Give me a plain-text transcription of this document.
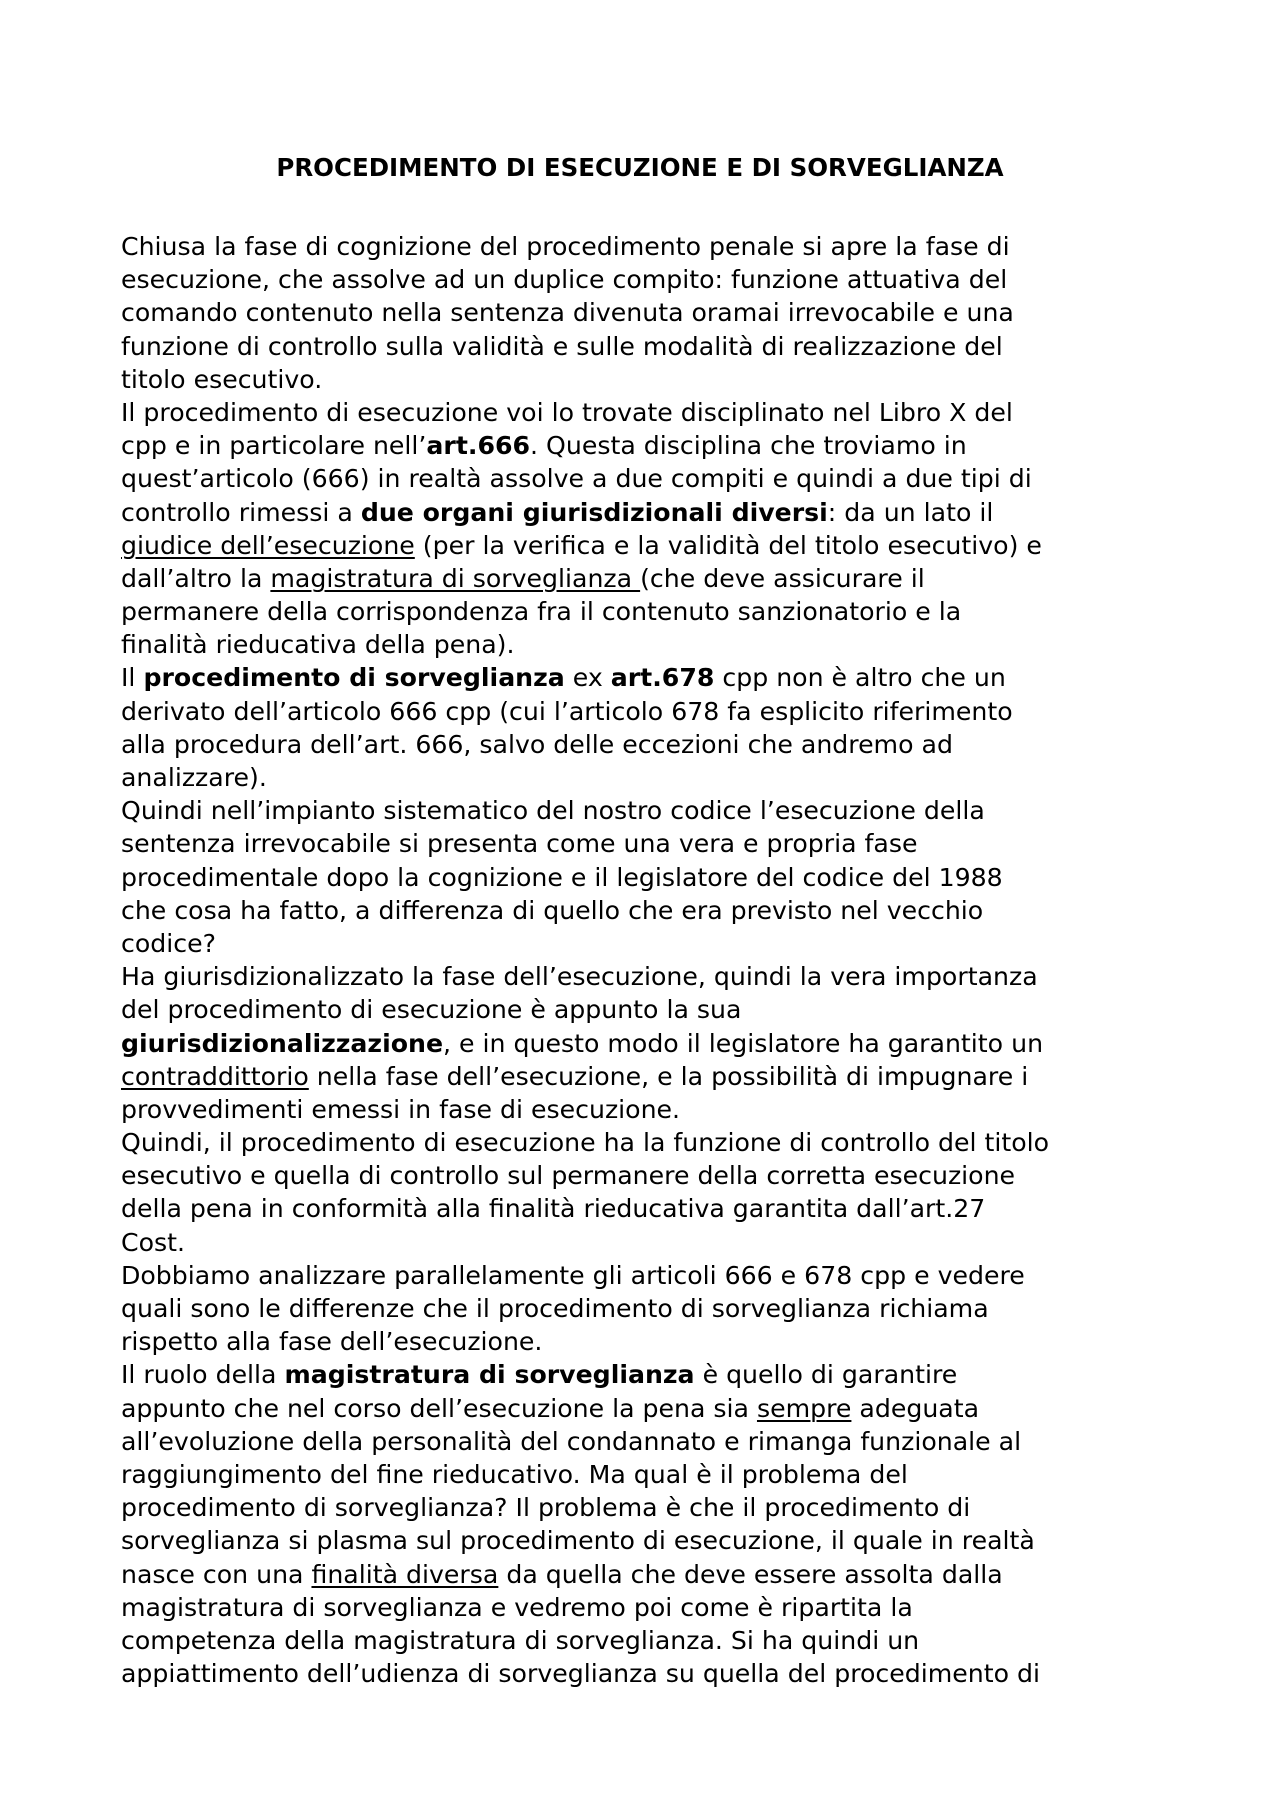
PROCEDIMENTO DI ESECUZIONE E DI SORVEGLIANZA
Chiusa la fase di cognizione del procedimento penale si apre la fase di
esecuzione, che assolve ad un duplice compito: funzione attuativa del
comando contenuto nella sentenza divenuta oramai irrevocabile e una
funzione di controllo sulla validità e sulle modalità di realizzazione del
titolo esecutivo.
Il procedimento di esecuzione voi lo trovate disciplinato nel Libro X del
cpp e in particolare nell’art.666. Questa disciplina che troviamo in
quest’articolo (666) in realtà assolve a due compiti e quindi a due tipi di
controllo rimessi a due organi giurisdizionali diversi: da un lato il
giudice dell’esecuzione (per la verifica e la validità del titolo esecutivo) e
dall’altro la magistratura di sorveglianza (che deve assicurare il
permanere della corrispondenza fra il contenuto sanzionatorio e la
finalità rieducativa della pena).
Il procedimento di sorveglianza ex art.678 cpp non è altro che un
derivato dell’articolo 666 cpp (cui l’articolo 678 fa esplicito riferimento
alla procedura dell’art. 666, salvo delle eccezioni che andremo ad
analizzare).
Quindi nell’impianto sistematico del nostro codice l’esecuzione della
sentenza irrevocabile si presenta come una vera e propria fase
procedimentale dopo la cognizione e il legislatore del codice del 1988
che cosa ha fatto, a differenza di quello che era previsto nel vecchio
codice?
Ha giurisdizionalizzato la fase dell’esecuzione, quindi la vera importanza
del procedimento di esecuzione è appunto la sua
giurisdizionalizzazione, e in questo modo il legislatore ha garantito un
contraddittorio nella fase dell’esecuzione, e la possibilità di impugnare i
provvedimenti emessi in fase di esecuzione.
Quindi, il procedimento di esecuzione ha la funzione di controllo del titolo
esecutivo e quella di controllo sul permanere della corretta esecuzione
della pena in conformità alla finalità rieducativa garantita dall’art.27
Cost.
Dobbiamo analizzare parallelamente gli articoli 666 e 678 cpp e vedere
quali sono le differenze che il procedimento di sorveglianza richiama
rispetto alla fase dell’esecuzione.
Il ruolo della magistratura di sorveglianza è quello di garantire
appunto che nel corso dell’esecuzione la pena sia sempre adeguata
all’evoluzione della personalità del condannato e rimanga funzionale al
raggiungimento del fine rieducativo. Ma qual è il problema del
procedimento di sorveglianza? Il problema è che il procedimento di
sorveglianza si plasma sul procedimento di esecuzione, il quale in realtà
nasce con una finalità diversa da quella che deve essere assolta dalla
magistratura di sorveglianza e vedremo poi come è ripartita la
competenza della magistratura di sorveglianza. Si ha quindi un
appiattimento dell’udienza di sorveglianza su quella del procedimento di
